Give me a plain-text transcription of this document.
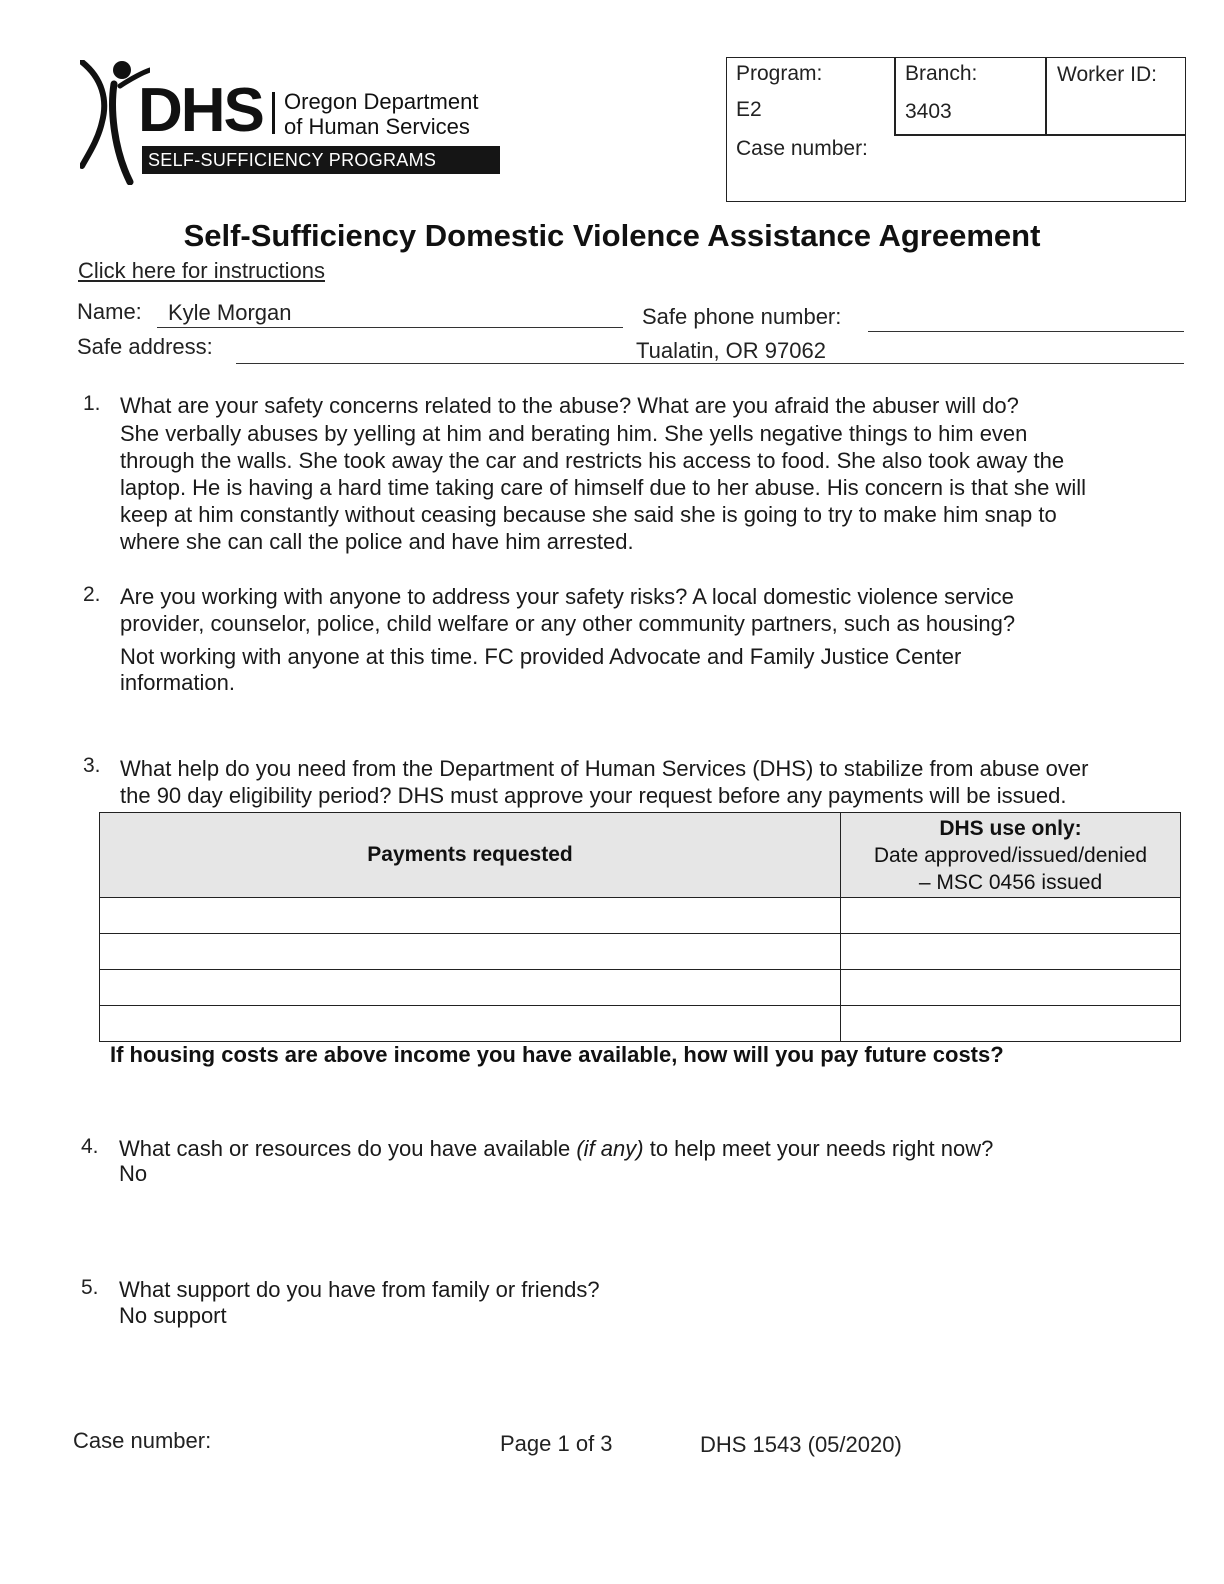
DHS Oregon Department
of Human Services
SELF-SUFFICIENCY PROGRAMS
Program:
E2
Branch:
3403
Worker ID:
Case number:
Self-Sufficiency Domestic Violence Assistance Agreement
Click here for instructions
Name: Kyle Morgan	Safe phone number:
Safe address:	Tualatin, OR 97062
1. What are your safety concerns related to the abuse? What are you afraid the abuser will do?
She verbally abuses by yelling at him and berating him. She yells negative things to him even
through the walls. She took away the car and restricts his access to food. She also took away the
laptop. He is having a hard time taking care of himself due to her abuse. His concern is that she will
keep at him constantly without ceasing because she said she is going to try to make him snap to
where she can call the police and have him arrested.
2. Are you working with anyone to address your safety risks? A local domestic violence service
provider, counselor, police, child welfare or any other community partners, such as housing?
Not working with anyone at this time. FC provided Advocate and Family Justice Center
information.
3. What help do you need from the Department of Human Services (DHS) to stabilize from abuse over
the 90 day eligibility period? DHS must approve your request before any payments will be issued.
Payments requested	DHS use only:
Date approved/issued/denied
– MSC 0456 issued

If housing costs are above income you have available, how will you pay future costs?
4. What cash or resources do you have available (if any) to help meet your needs right now?
No
5. What support do you have from family or friends?
No support
Case number:	Page 1 of 3	DHS 1543 (05/2020)
